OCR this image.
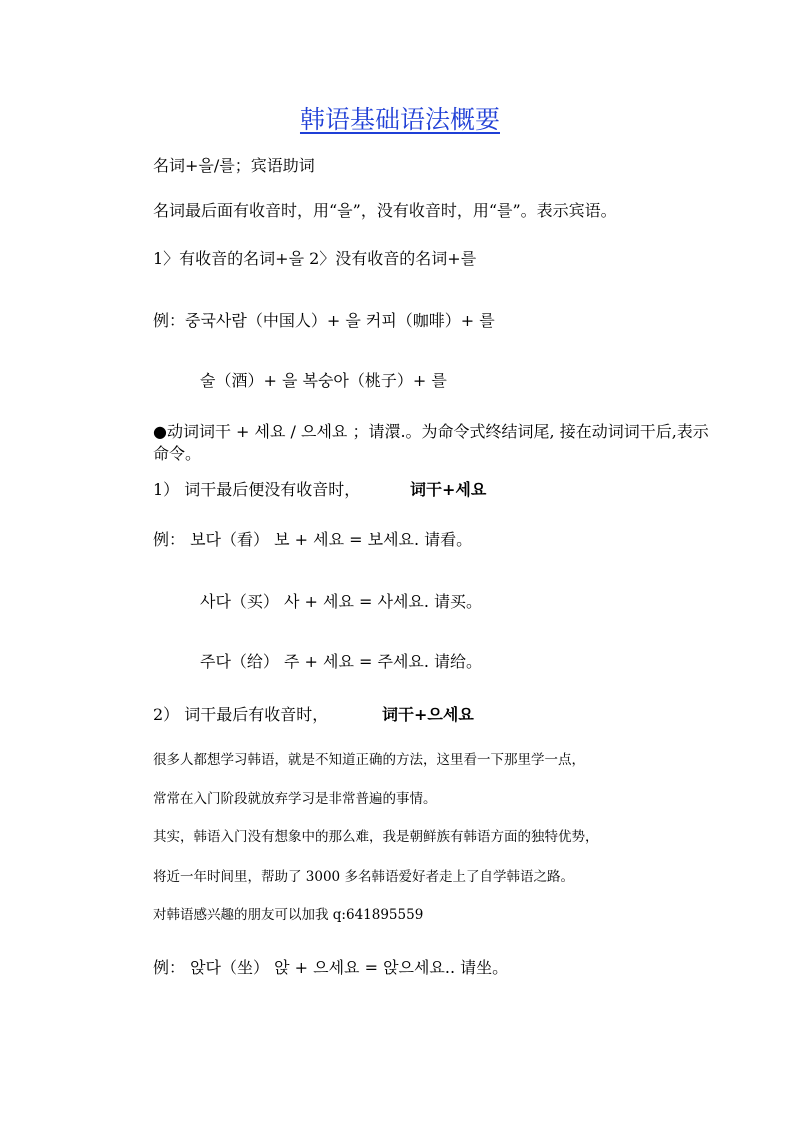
韩语基础语法概要
名词+을/를；宾语助词
名词最后面有收音时，用“을”，没有收音时，用“를”。表示宾语。
1〉有收音的名词+을 2〉没有收音的名词+를
例：중국사람（中国人）+ 을 커피（咖啡）+ 를
술（酒）+ 을 복숭아（桃子）+ 를
●动词词干 + 세요 / 으세요 ；请澴.。为命令式终结词尾, 接在动词词干后,表示命令。
1） 词干最后便没有收音时，	词干+세요
例： 보다（看） 보 + 세요 = 보세요. 请看。
사다（买） 사 + 세요 = 사세요. 请买。
주다（给） 주 + 세요 = 주세요. 请给。
2） 词干最后有收音时，	词干+으세요
很多人都想学习韩语，就是不知道正确的方法，这里看一下那里学一点，
常常在入门阶段就放弃学习是非常普遍的事情。
其实，韩语入门没有想象中的那么难，我是朝鲜族有韩语方面的独特优势，
将近一年时间里，帮助了 3000 多名韩语爱好者走上了自学韩语之路。
对韩语感兴趣的朋友可以加我 q:641895559
例： 앉다（坐） 앉 + 으세요 = 앉으세요.. 请坐。
